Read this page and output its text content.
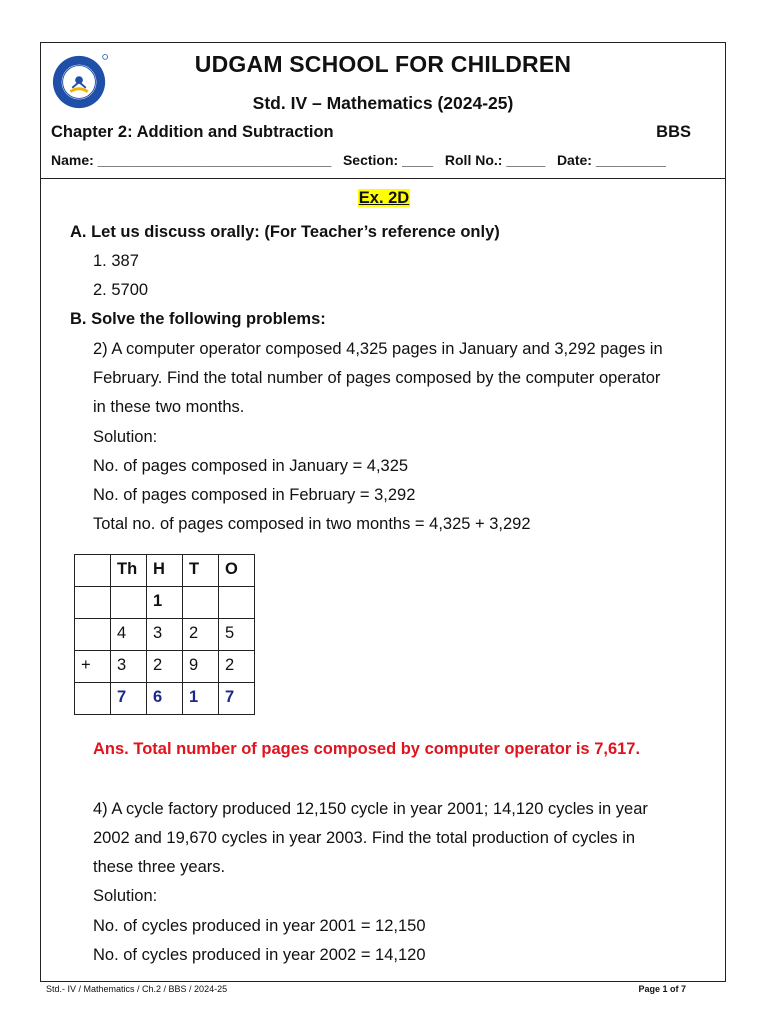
UDGAM SCHOOL FOR CHILDREN
Std. IV – Mathematics (2024-25)
Chapter 2: Addition and Subtraction	BBS
Name: ______________________________ Section: ____ Roll No.: _____ Date: _________
Ex. 2D
A. Let us discuss orally: (For Teacher’s reference only)
1. 387
2. 5700
B. Solve the following problems:
2) A computer operator composed 4,325 pages in January and 3,292 pages in
February. Find the total number of pages composed by the computer operator
in these two months.
Solution:
No. of pages composed in January = 4,325
No. of pages composed in February = 3,292
Total no. of pages composed in two months = 4,325 + 3,292
	Th	H	T	O
		1		
	4	3	2	5
+	3	2	9	2
	7	6	1	7
Ans. Total number of pages composed by computer operator is 7,617.
4) A cycle factory produced 12,150 cycle in year 2001; 14,120 cycles in year
2002 and 19,670 cycles in year 2003. Find the total production of cycles in
these three years.
Solution:
No. of cycles produced in year 2001 = 12,150
No. of cycles produced in year 2002 = 14,120
Std.- IV / Mathematics / Ch.2 / BBS / 2024-25	Page 1 of 7
